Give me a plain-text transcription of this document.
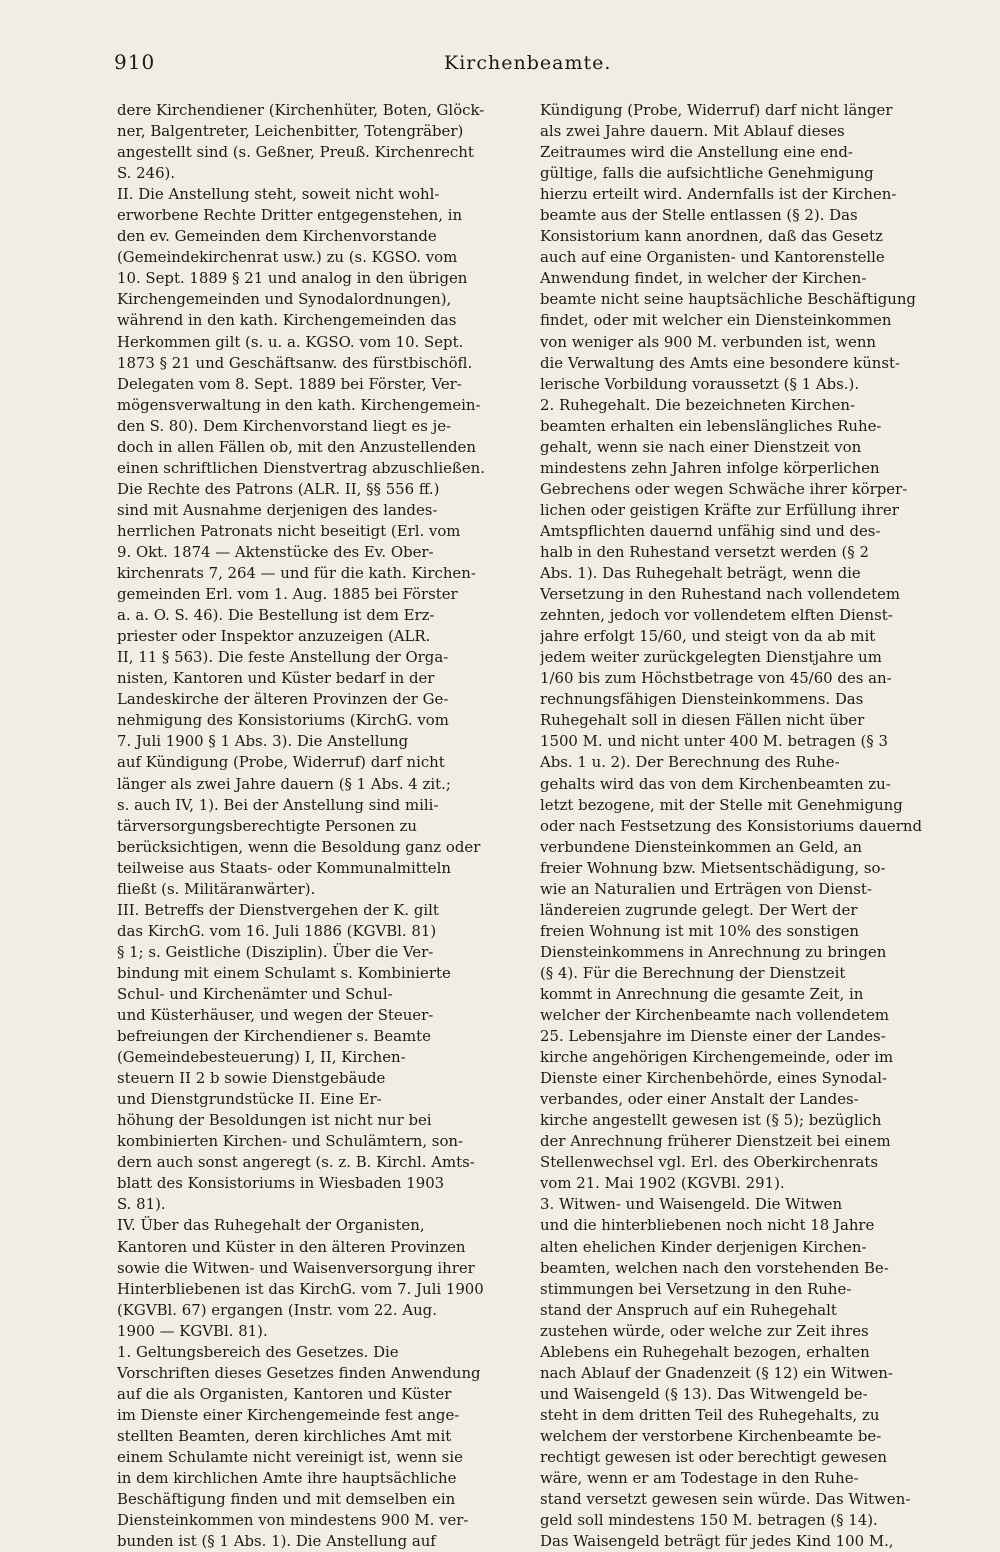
910	Kirchenbeamte.
dere Kirchendiener (Kirchenhüter, Boten, Glöck-
ner, Balgentreter, Leichenbitter, Totengräber)
angestellt sind (s. Geßner, Preuß. Kirchenrecht
S. 246).
II. Die Anstellung steht, soweit nicht wohl-
erworbene Rechte Dritter entgegenstehen, in
den ev. Gemeinden dem Kirchenvorstande
(Gemeindekirchenrat usw.) zu (s. KGSO. vom
10. Sept. 1889 § 21 und analog in den übrigen
Kirchengemeinden und Synodalordnungen),
während in den kath. Kirchengemeinden das
Herkommen gilt (s. u. a. KGSO. vom 10. Sept.
1873 § 21 und Geschäftsanw. des fürstbischöfl.
Delegaten vom 8. Sept. 1889 bei Förster, Ver-
mögensverwaltung in den kath. Kirchengemein-
den S. 80). Dem Kirchenvorstand liegt es je-
doch in allen Fällen ob, mit den Anzustellenden
einen schriftlichen Dienstvertrag abzuschließen.
Die Rechte des Patrons (ALR. II, §§ 556 ff.)
sind mit Ausnahme derjenigen des landes-
herrlichen Patronats nicht beseitigt (Erl. vom
9. Okt. 1874 — Aktenstücke des Ev. Ober-
kirchenrats 7, 264 — und für die kath. Kirchen-
gemeinden Erl. vom 1. Aug. 1885 bei Förster
a. a. O. S. 46). Die Bestellung ist dem Erz-
priester oder Inspektor anzuzeigen (ALR.
II, 11 § 563). Die feste Anstellung der Orga-
nisten, Kantoren und Küster bedarf in der
Landeskirche der älteren Provinzen der Ge-
nehmigung des Konsistoriums (KirchG. vom
7. Juli 1900 § 1 Abs. 3). Die Anstellung
auf Kündigung (Probe, Widerruf) darf nicht
länger als zwei Jahre dauern (§ 1 Abs. 4 zit.;
s. auch IV, 1). Bei der Anstellung sind mili-
tärversorgungsberechtigte Personen zu
berücksichtigen, wenn die Besoldung ganz oder
teilweise aus Staats- oder Kommunalmitteln
fließt (s. Militäranwärter).
III. Betreffs der Dienstvergehen der K. gilt
das KirchG. vom 16. Juli 1886 (KGVBl. 81)
§ 1; s. Geistliche (Disziplin). Über die Ver-
bindung mit einem Schulamt s. Kombinierte
Schul- und Kirchenämter und Schul-
und Küsterhäuser, und wegen der Steuer-
befreiungen der Kirchendiener s. Beamte
(Gemeindebesteuerung) I, II, Kirchen-
steuern II 2 b sowie Dienstgebäude
und Dienstgrundstücke II. Eine Er-
höhung der Besoldungen ist nicht nur bei
kombinierten Kirchen- und Schulämtern, son-
dern auch sonst angeregt (s. z. B. Kirchl. Amts-
blatt des Konsistoriums in Wiesbaden 1903
S. 81).
IV. Über das Ruhegehalt der Organisten,
Kantoren und Küster in den älteren Provinzen
sowie die Witwen- und Waisenversorgung ihrer
Hinterbliebenen ist das KirchG. vom 7. Juli 1900
(KGVBl. 67) ergangen (Instr. vom 22. Aug.
1900 — KGVBl. 81).
1. Geltungsbereich des Gesetzes. Die
Vorschriften dieses Gesetzes finden Anwendung
auf die als Organisten, Kantoren und Küster
im Dienste einer Kirchengemeinde fest ange-
stellten Beamten, deren kirchliches Amt mit
einem Schulamte nicht vereinigt ist, wenn sie
in dem kirchlichen Amte ihre hauptsächliche
Beschäftigung finden und mit demselben ein
Diensteinkommen von mindestens 900 M. ver-
bunden ist (§ 1 Abs. 1). Die Anstellung auf
Kündigung (Probe, Widerruf) darf nicht länger
als zwei Jahre dauern. Mit Ablauf dieses
Zeitraumes wird die Anstellung eine end-
gültige, falls die aufsichtliche Genehmigung
hierzu erteilt wird. Andernfalls ist der Kirchen-
beamte aus der Stelle entlassen (§ 2). Das
Konsistorium kann anordnen, daß das Gesetz
auch auf eine Organisten- und Kantorenstelle
Anwendung findet, in welcher der Kirchen-
beamte nicht seine hauptsächliche Beschäftigung
findet, oder mit welcher ein Diensteinkommen
von weniger als 900 M. verbunden ist, wenn
die Verwaltung des Amts eine besondere künst-
lerische Vorbildung voraussetzt (§ 1 Abs.).
2. Ruhegehalt. Die bezeichneten Kirchen-
beamten erhalten ein lebenslängliches Ruhe-
gehalt, wenn sie nach einer Dienstzeit von
mindestens zehn Jahren infolge körperlichen
Gebrechens oder wegen Schwäche ihrer körper-
lichen oder geistigen Kräfte zur Erfüllung ihrer
Amtspflichten dauernd unfähig sind und des-
halb in den Ruhestand versetzt werden (§ 2
Abs. 1). Das Ruhegehalt beträgt, wenn die
Versetzung in den Ruhestand nach vollendetem
zehnten, jedoch vor vollendetem elften Dienst-
jahre erfolgt 15/60, und steigt von da ab mit
jedem weiter zurückgelegten Dienstjahre um
1/60 bis zum Höchstbetrage von 45/60 des an-
rechnungsfähigen Diensteinkommens. Das
Ruhegehalt soll in diesen Fällen nicht über
1500 M. und nicht unter 400 M. betragen (§ 3
Abs. 1 u. 2). Der Berechnung des Ruhe-
gehalts wird das von dem Kirchenbeamten zu-
letzt bezogene, mit der Stelle mit Genehmigung
oder nach Festsetzung des Konsistoriums dauernd
verbundene Diensteinkommen an Geld, an
freier Wohnung bzw. Mietsentschädigung, so-
wie an Naturalien und Erträgen von Dienst-
ländereien zugrunde gelegt. Der Wert der
freien Wohnung ist mit 10% des sonstigen
Diensteinkommens in Anrechnung zu bringen
(§ 4). Für die Berechnung der Dienstzeit
kommt in Anrechnung die gesamte Zeit, in
welcher der Kirchenbeamte nach vollendetem
25. Lebensjahre im Dienste einer der Landes-
kirche angehörigen Kirchengemeinde, oder im
Dienste einer Kirchenbehörde, eines Synodal-
verbandes, oder einer Anstalt der Landes-
kirche angestellt gewesen ist (§ 5); bezüglich
der Anrechnung früherer Dienstzeit bei einem
Stellenwechsel vgl. Erl. des Oberkirchenrats
vom 21. Mai 1902 (KGVBl. 291).
3. Witwen- und Waisengeld. Die Witwen
und die hinterbliebenen noch nicht 18 Jahre
alten ehelichen Kinder derjenigen Kirchen-
beamten, welchen nach den vorstehenden Be-
stimmungen bei Versetzung in den Ruhe-
stand der Anspruch auf ein Ruhegehalt
zustehen würde, oder welche zur Zeit ihres
Ablebens ein Ruhegehalt bezogen, erhalten
nach Ablauf der Gnadenzeit (§ 12) ein Witwen-
und Waisengeld (§ 13). Das Witwengeld be-
steht in dem dritten Teil des Ruhegehalts, zu
welchem der verstorbene Kirchenbeamte be-
rechtigt gewesen ist oder berechtigt gewesen
wäre, wenn er am Todestage in den Ruhe-
stand versetzt gewesen sein würde. Das Witwen-
geld soll mindestens 150 M. betragen (§ 14).
Das Waisengeld beträgt für jedes Kind 100 M.,
